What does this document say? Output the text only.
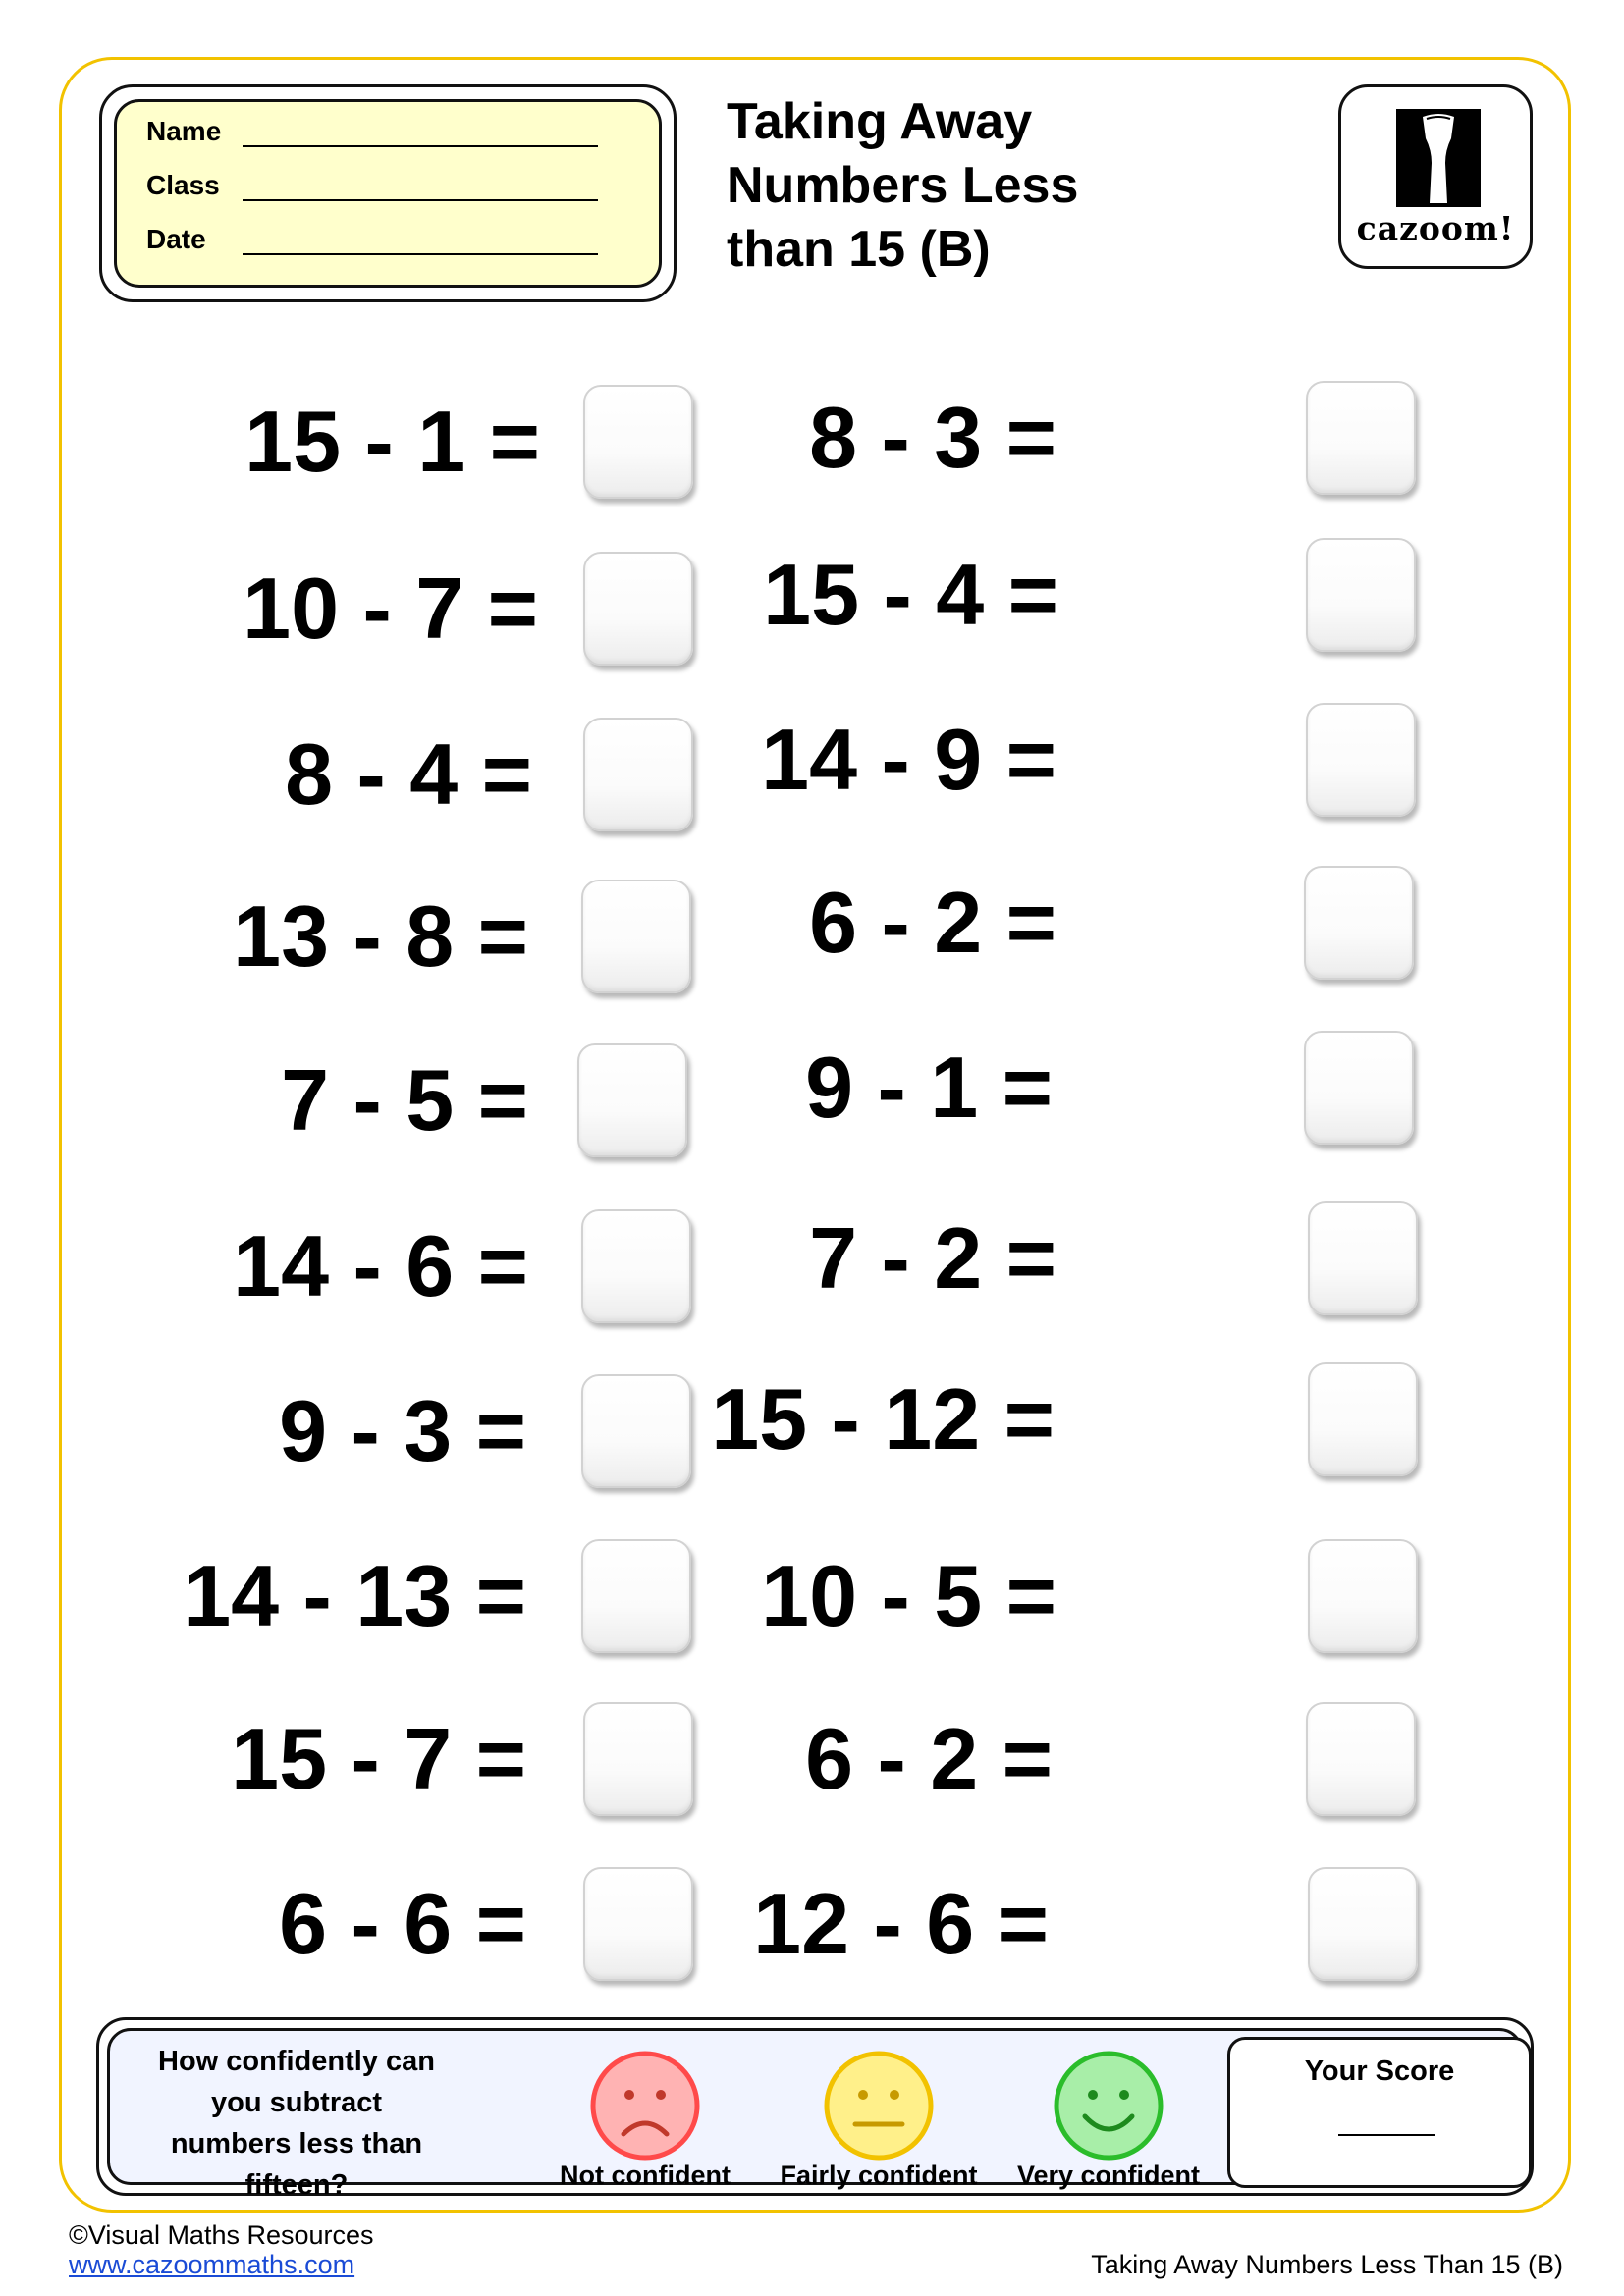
Name
Class
Date
Taking Away
Numbers Less
than 15 (B)	cazoom!
15 - 1 =
10 - 7 =
8 - 4 =
13 - 8 =
7 - 5 =
14 - 6 =
9 - 3 =
14 - 13 =
15 - 7 =
6 - 6 =
8 - 3 =
15 - 4 =
14 - 9 =
6 - 2 =
9 - 1 =
7 - 2 =
15 - 12 =
10 - 5 =
6 - 2 =
12 - 6 =
How confidently can you subtract numbers less than fifteen?	Not confident	Fairly confident	Very confident
Your Score
©Visual Maths Resources
www.cazoommaths.com	Taking Away Numbers Less Than 15 (B)
